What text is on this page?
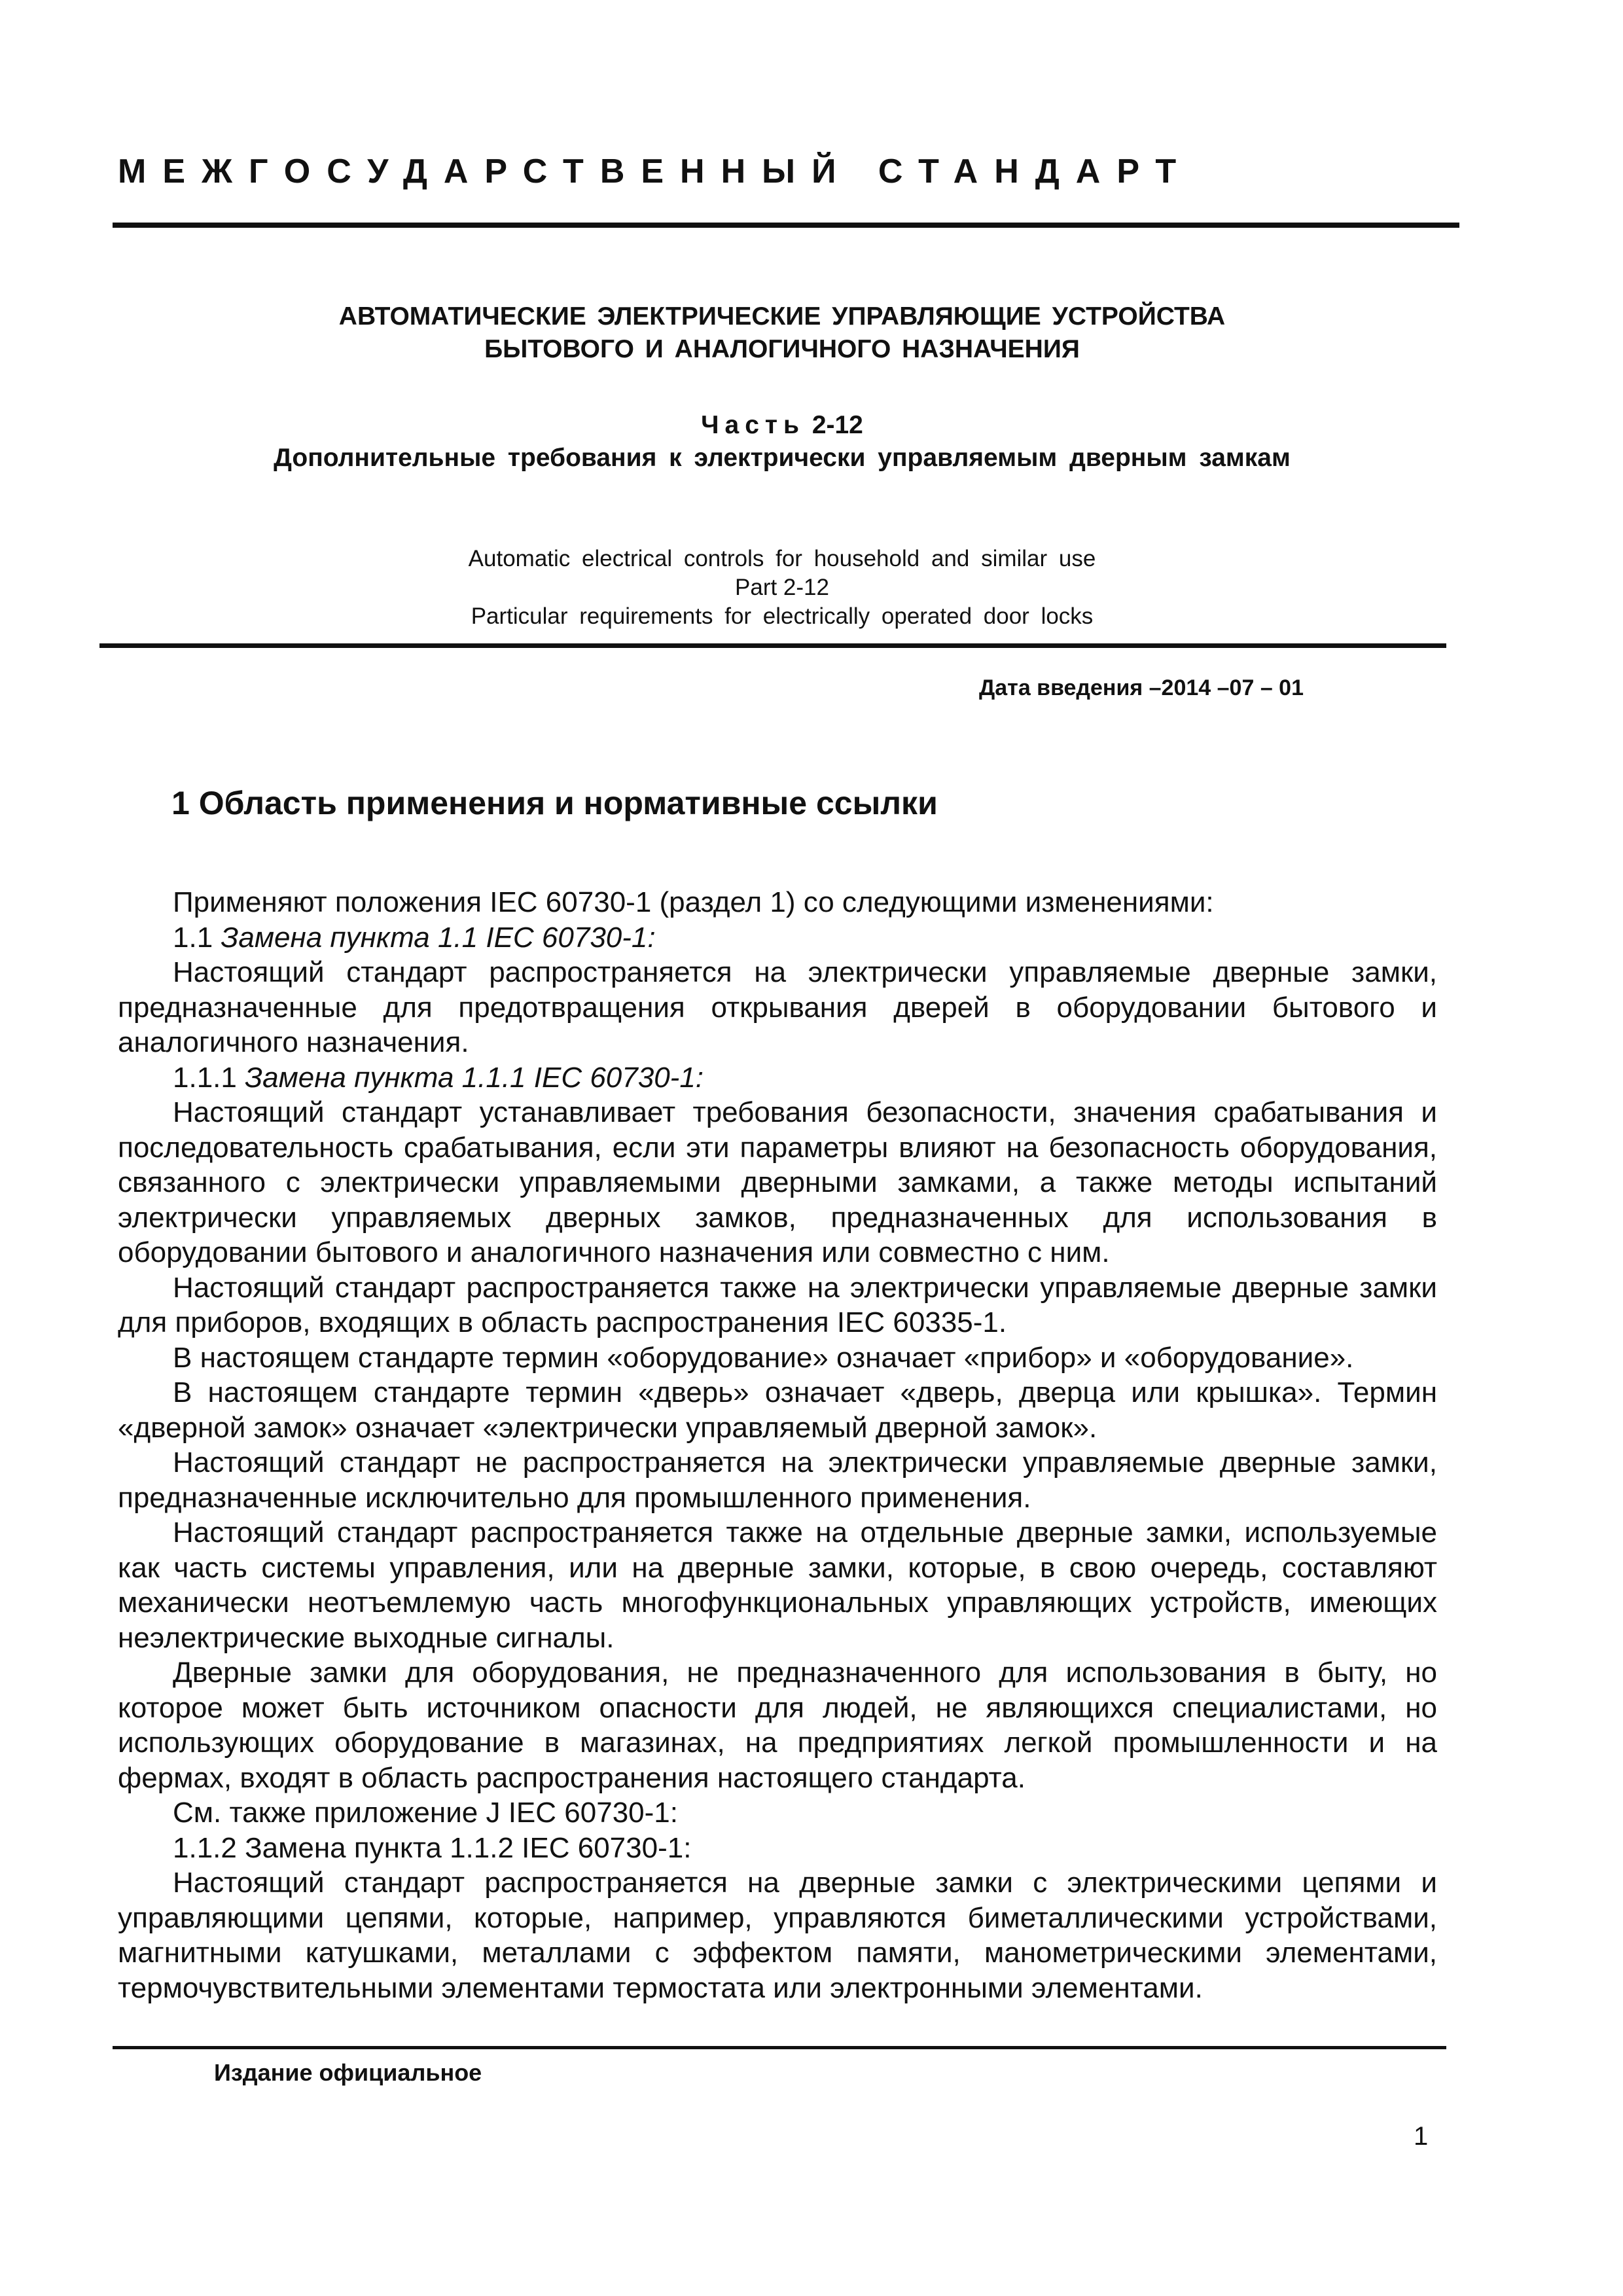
МЕЖГОСУДАРСТВЕННЫЙ СТАНДАРТ
АВТОМАТИЧЕСКИЕ ЭЛЕКТРИЧЕСКИЕ УПРАВЛЯЮЩИЕ УСТРОЙСТВА
БЫТОВОГО И АНАЛОГИЧНОГО НАЗНАЧЕНИЯ
Часть 2-12
Дополнительные требования к электрически управляемым дверным замкам
Automatic electrical controls for household and similar use
Part 2-12
Particular requirements for electrically operated door locks
Дата введения –2014 –07 – 01
1 Область применения и нормативные ссылки

Применяют положения IEC 60730-1 (раздел 1) со следующими изменениями:

1.1 Замена пункта 1.1 IEC 60730-1:

Настоящий стандарт распространяется на электрически управляемые дверные замки, предназначенные для предотвращения открывания дверей в оборудовании бытового и аналогичного назначения.

1.1.1 Замена пункта 1.1.1 IEC 60730-1:

Настоящий стандарт устанавливает требования безопасности, значения срабатывания и последовательность срабатывания, если эти параметры влияют на безопасность оборудования, связанного с электрически управляемыми дверными замками, а также методы испытаний электрически управляемых дверных замков, предназначенных для использования в оборудовании бытового и аналогичного назначения или совместно с ним.

Настоящий стандарт распространяется также на электрически управляемые дверные замки для приборов, входящих в область распространения IEC 60335-1.

В настоящем стандарте термин «оборудование» означает «прибор» и «оборудование».

В настоящем стандарте термин «дверь» означает «дверь, дверца или крышка». Термин «дверной замок» означает «электрически управляемый дверной замок».

Настоящий стандарт не распространяется на электрически управляемые дверные замки, предназначенные исключительно для промышленного применения.

Настоящий стандарт распространяется также на отдельные дверные замки, используемые как часть системы управления, или на дверные замки, которые, в свою очередь, составляют механически неотъемлемую часть многофункциональных управляющих устройств, имеющих неэлектрические выходные сигналы.

Дверные замки для оборудования, не предназначенного для использования в быту, но которое может быть источником опасности для людей, не являющихся специалистами, но использующих оборудование в магазинах, на предприятиях легкой промышленности и на фермах, входят в область распространения настоящего стандарта.

См. также приложение J IEC 60730-1:

1.1.2 Замена пункта 1.1.2 IEC 60730-1:

Настоящий стандарт распространяется на дверные замки с электрическими цепями и управляющими цепями, которые, например, управляются биметаллическими устройствами, магнитными катушками, металлами с эффектом памяти, манометрическими элементами, термочувствительными элементами термостата или электронными элементами.

Издание официальное
1
